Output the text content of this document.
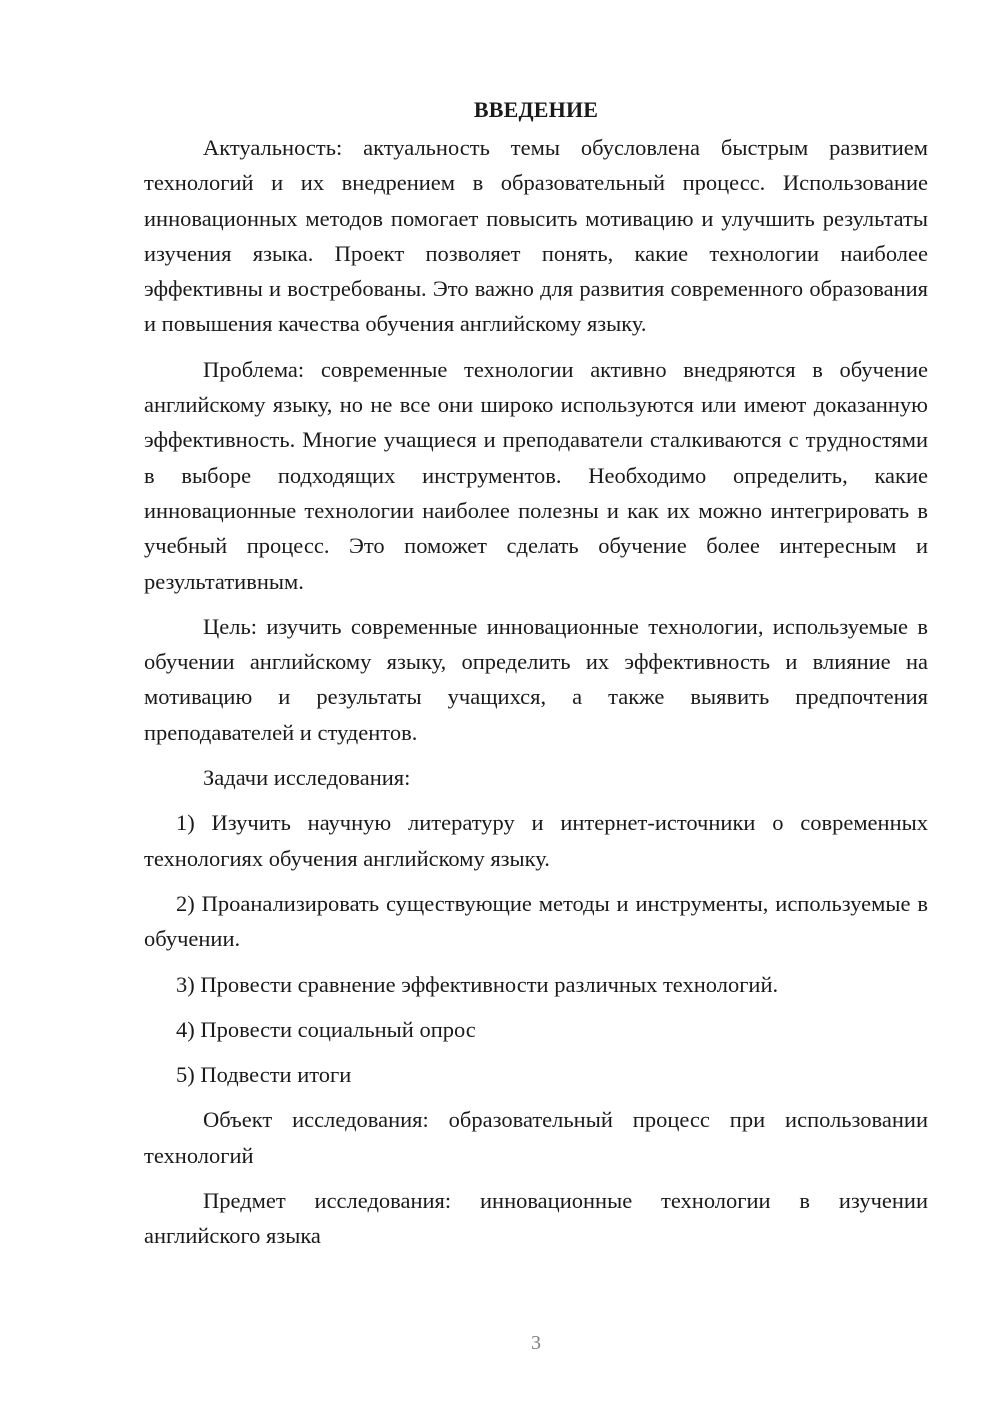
ВВЕДЕНИЕ

Актуальность: актуальность темы обусловлена быстрым развитием технологий и их внедрением в образовательный процесс. Использование инновационных методов помогает повысить мотивацию и улучшить результаты изучения языка. Проект позволяет понять, какие технологии наиболее эффективны и востребованы. Это важно для развития современного образования и повышения качества обучения английскому языку.

Проблема: современные технологии активно внедряются в обучение английскому языку, но не все они широко используются или имеют доказанную эффективность. Многие учащиеся и преподаватели сталкиваются с трудностями в выборе подходящих инструментов. Необходимо определить, какие инновационные технологии наиболее полезны и как их можно интегрировать в учебный процесс. Это поможет сделать обучение более интересным и результативным.

Цель: изучить современные инновационные технологии, используемые в обучении английскому языку, определить их эффективность и влияние на мотивацию и результаты учащихся, а также выявить предпочтения преподавателей и студентов.

Задачи исследования:

1) Изучить научную литературу и интернет-источники о современных технологиях обучения английскому языку.

2) Проанализировать существующие методы и инструменты, используемые в обучении.

3) Провести сравнение эффективности различных технологий.

4) Провести социальный опрос

5) Подвести итоги

Объект исследования: образовательный процесс при использовании технологий

Предмет исследования: инновационные технологии в изучении английского языка

3
